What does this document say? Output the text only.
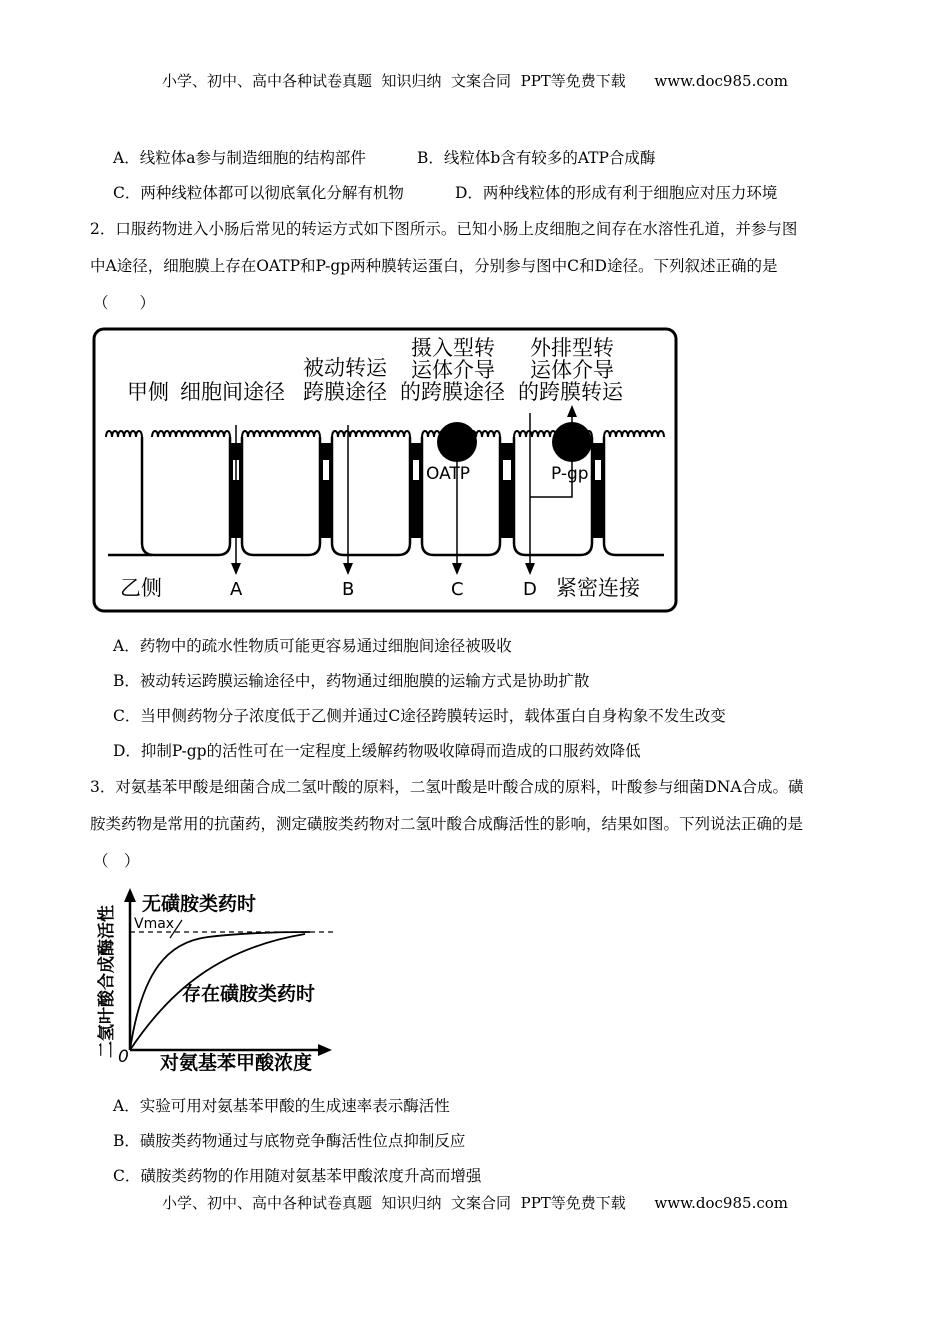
小学、初中、高中各种试卷真题  知识归纳  文案合同  PPT等免费下载      www.doc985.com
A．线粒体a参与制造细胞的结构部件	B．线粒体b含有较多的ATP合成酶
C．两种线粒体都可以彻底氧化分解有机物	D．两种线粒体的形成有利于细胞应对压力环境
2．口服药物进入小肠后常见的转运方式如下图所示。已知小肠上皮细胞之间存在水溶性孔道，并参与图
中A途径，细胞膜上存在OATP和P-gp两种膜转运蛋白，分别参与图中C和D途径。下列叙述正确的是
（　　）
甲侧 细胞间途径
被动转运
跨膜途径
摄入型转
运体介导
的跨膜途径
外排型转
运体介导
的跨膜转运
OATP	P-gp
乙侧	A	B	C	D 紧密连接
A．药物中的疏水性物质可能更容易通过细胞间途径被吸收
B．被动转运跨膜运输途径中，药物通过细胞膜的运输方式是协助扩散
C．当甲侧药物分子浓度低于乙侧并通过C途径跨膜转运时，载体蛋白自身构象不发生改变
D．抑制P-gp的活性可在一定程度上缓解药物吸收障碍而造成的口服药效降低
3．对氨基苯甲酸是细菌合成二氢叶酸的原料，二氢叶酸是叶酸合成的原料，叶酸参与细菌DNA合成。磺
胺类药物是常用的抗菌药，测定磺胺类药物对二氢叶酸合成酶活性的影响，结果如图。下列说法正确的是
（　）
无磺胺类药时
存在磺胺类药时
Vmax
0 对氨基苯甲酸浓度
二氢叶酸合成酶活性
A．实验可用对氨基苯甲酸的生成速率表示酶活性
B．磺胺类药物通过与底物竞争酶活性位点抑制反应
C．磺胺类药物的作用随对氨基苯甲酸浓度升高而增强
小学、初中、高中各种试卷真题  知识归纳  文案合同  PPT等免费下载      www.doc985.com
